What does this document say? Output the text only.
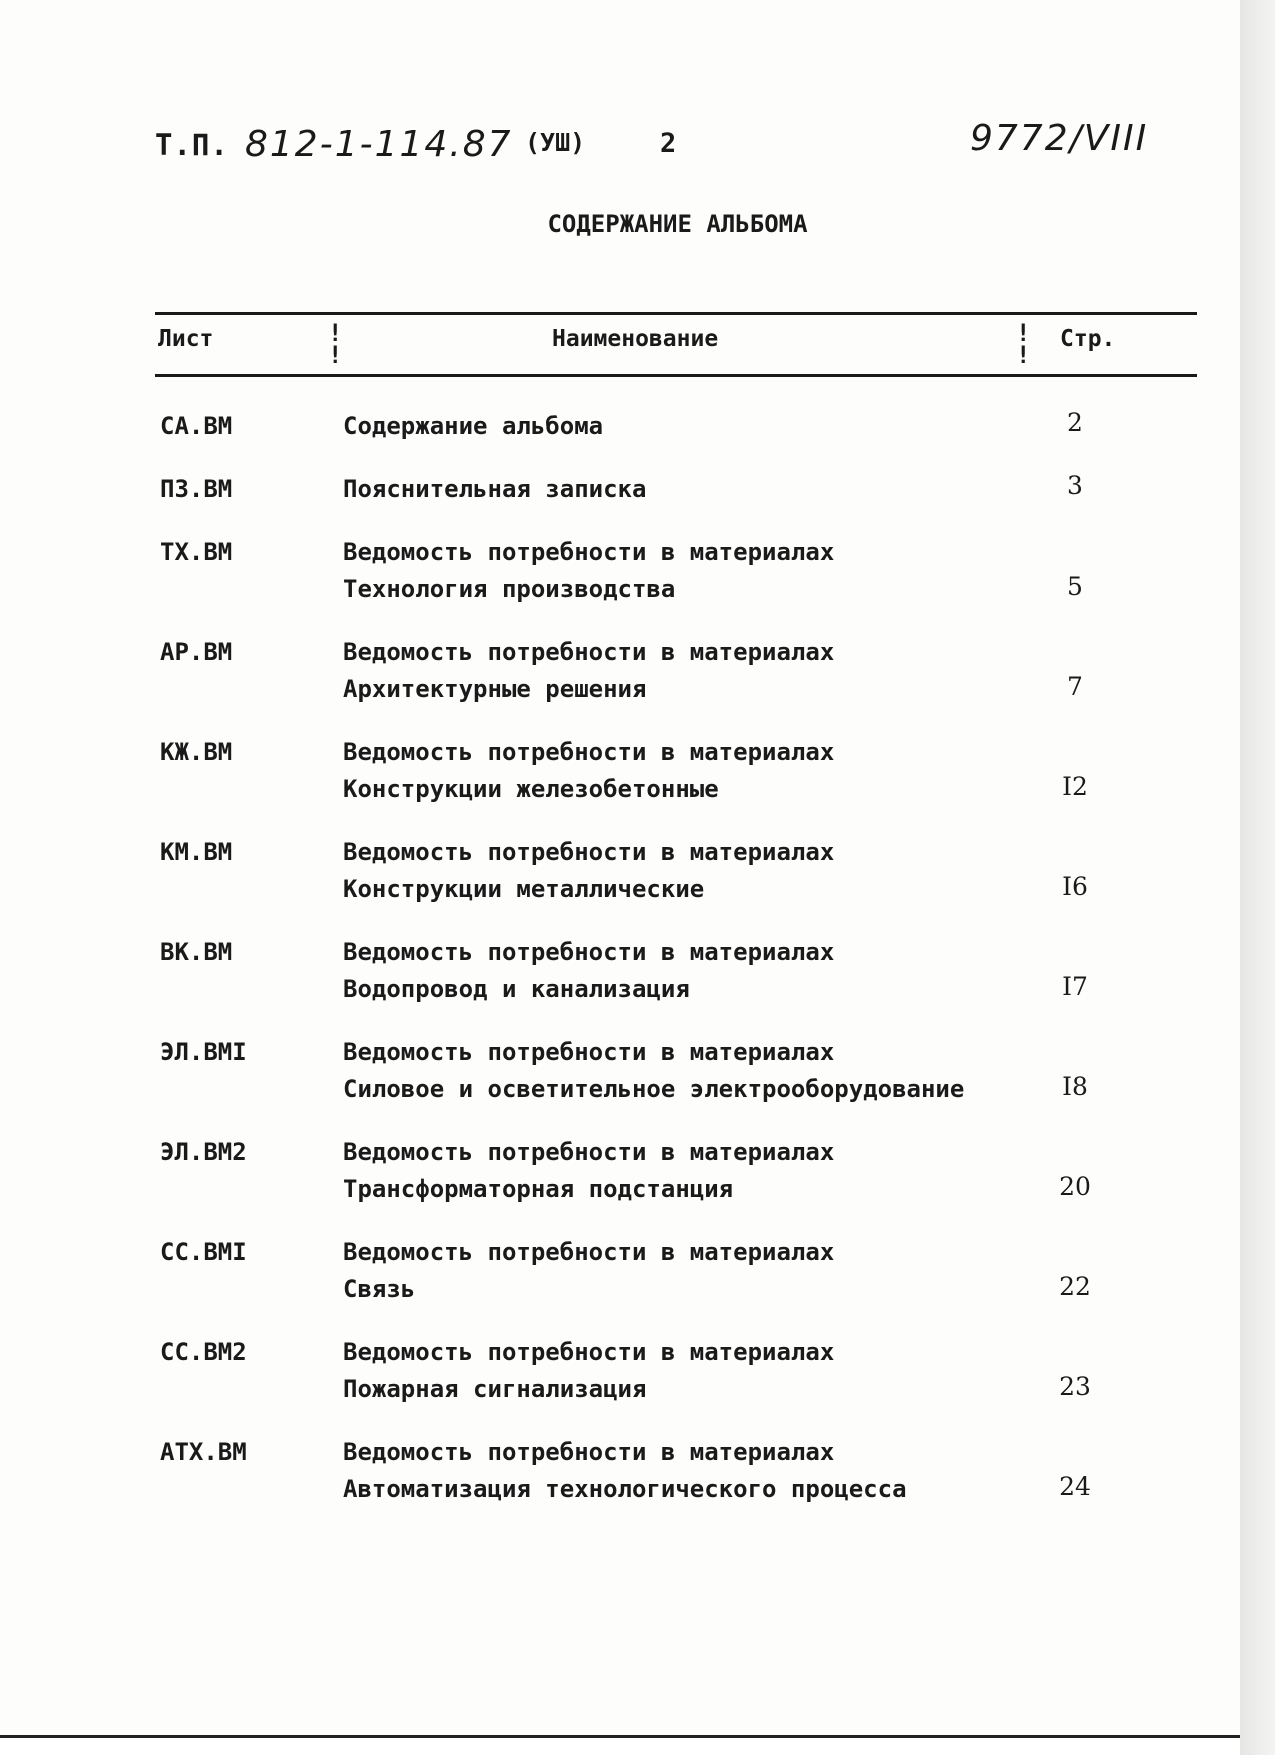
Т.П. 812-1-114.87 (УШ)	2	9772/VIII
СОДЕРЖАНИЕ АЛЬБОМА
Лист	!
!
Наименование	!
!
Стр.
СА.ВМ	Содержание альбома	2
ПЗ.ВМ	Пояснительная записка	3
ТХ.ВМ	Ведомость потребности в материалах
Технология производства	5
АР.ВМ	Ведомость потребности в материалах
Архитектурные решения	7
КЖ.ВМ	Ведомость потребности в материалах
Конструкции железобетонные	I2
КМ.ВМ	Ведомость потребности в материалах
Конструкции металлические	I6
ВК.ВМ	Ведомость потребности в материалах
Водопровод и канализация	I7
ЭЛ.ВМI	Ведомость потребности в материалах
Силовое и осветительное электрооборудование	I8
ЭЛ.ВМ2	Ведомость потребности в материалах
Трансформаторная подстанция	20
СС.ВМI	Ведомость потребности в материалах
Связь	22
СС.ВМ2	Ведомость потребности в материалах
Пожарная сигнализация	23
АТХ.ВМ	Ведомость потребности в материалах
Автоматизация технологического процесса	24
